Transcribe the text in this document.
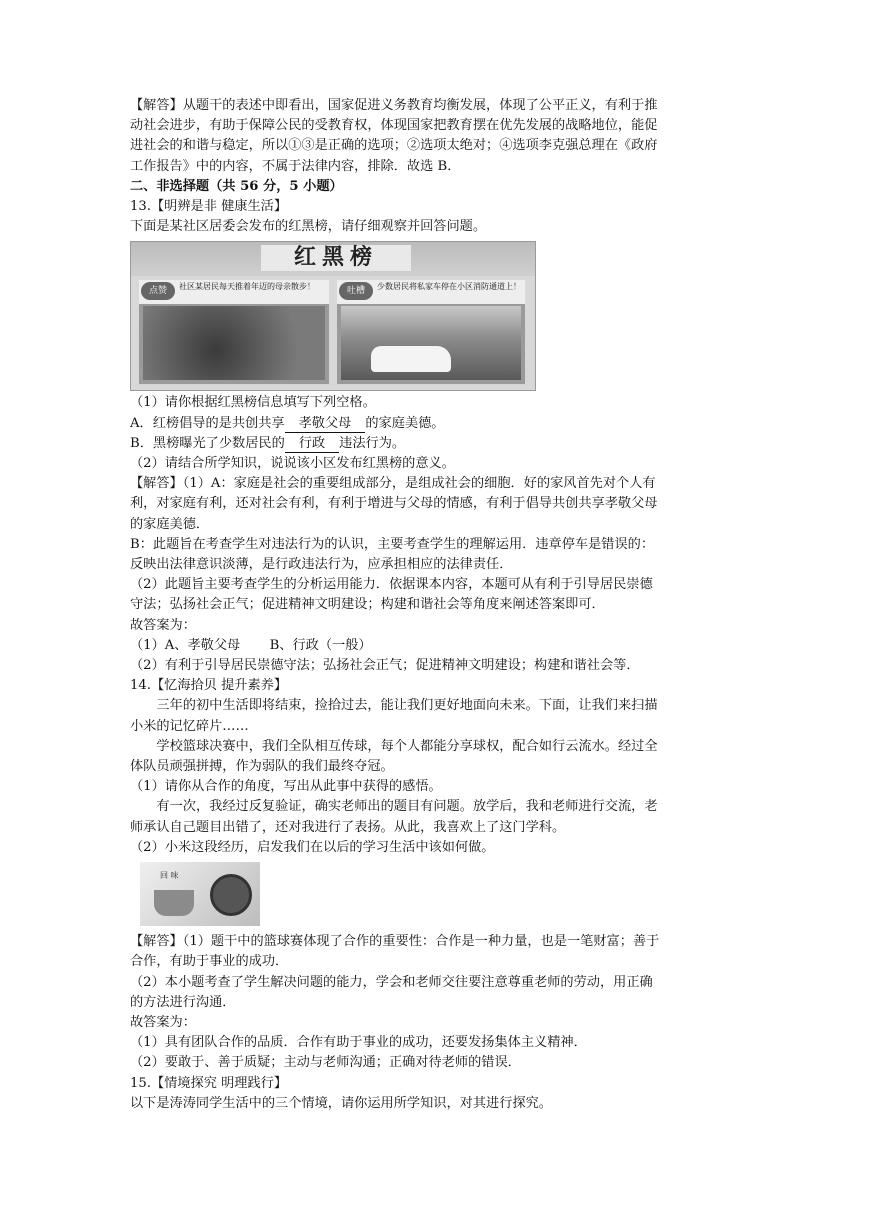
【解答】从题干的表述中即看出，国家促进义务教育均衡发展，体现了公平正义，有利于推

动社会进步，有助于保障公民的受教育权，体现国家把教育摆在优先发展的战略地位，能促

进社会的和谐与稳定，所以①③是正确的选项；②选项太绝对；④选项李克强总理在《政府

工作报告》中的内容，不属于法律内容，排除．故选 B．

二、非选择题（共 56 分，5 小题）

13.【明辨是非 健康生活】

下面是某社区居委会发布的红黑榜，请仔细观察并回答问题。

红黑榜
社区某居民每天推着年迈的母亲散步！
点赞	少数居民将私家车停在小区消防通道上！
吐槽

（1）请你根据红黑榜信息填写下列空格。

A．红榜倡导的是共创共享 孝敬父母 的家庭美德。

B．黑榜曝光了少数居民的 行政 违法行为。

（2）请结合所学知识，说说该小区发布红黑榜的意义。

【解答】（1）A：家庭是社会的重要组成部分，是组成社会的细胞．好的家风首先对个人有

利，对家庭有利，还对社会有利，有利于增进与父母的情感，有利于倡导共创共享孝敬父母

的家庭美德．

B：此题旨在考查学生对违法行为的认识，主要考查学生的理解运用．违章停车是错误的：

反映出法律意识淡薄，是行政违法行为，应承担相应的法律责任．

（2）此题旨主要考查学生的分析运用能力．依据课本内容，本题可从有利于引导居民崇德

守法；弘扬社会正气；促进精神文明建设；构建和谐社会等角度来阐述答案即可．

故答案为：

（1）A、孝敬父母       B、行政（一般）

（2）有利于引导居民崇德守法；弘扬社会正气；促进精神文明建设；构建和谐社会等．

14.【忆海拾贝 提升素养】

三年的初中生活即将结束，捡拾过去，能让我们更好地面向未来。下面，让我们来扫描

小米的记忆碎片……

学校篮球决赛中，我们全队相互传球，每个人都能分享球权，配合如行云流水。经过全

体队员顽强拼搏，作为弱队的我们最终夺冠。

（1）请你从合作的角度，写出从此事中获得的感悟。

有一次，我经过反复验证，确实老师出的题目有问题。放学后，我和老师进行交流，老

师承认自己题目出错了，还对我进行了表扬。从此，我喜欢上了这门学科。

（2）小米这段经历，启发我们在以后的学习生活中该如何做。

回 味

【解答】（1）题干中的篮球赛体现了合作的重要性：合作是一种力量，也是一笔财富；善于

合作，有助于事业的成功．

（2）本小题考查了学生解决问题的能力，学会和老师交往要注意尊重老师的劳动，用正确

的方法进行沟通．

故答案为：

（1）具有团队合作的品质．合作有助于事业的成功，还要发扬集体主义精神．

（2）要敢于、善于质疑；主动与老师沟通；正确对待老师的错误．

15.【情境探究 明理践行】

以下是涛涛同学生活中的三个情境，请你运用所学知识，对其进行探究。
